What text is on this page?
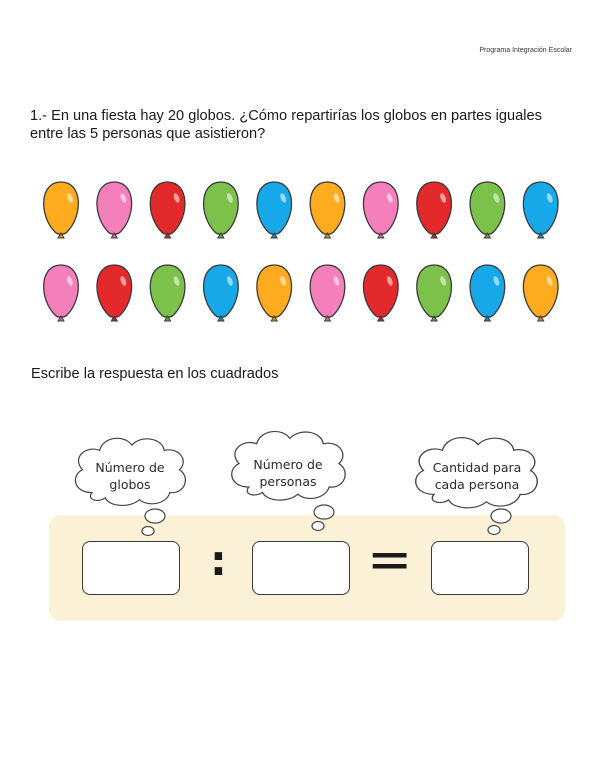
Programa Integración Escolar
1.- En una fiesta hay 20 globos. ¿Cómo repartirías los globos en partes iguales entre las 5 personas que asistieron?
Escribe la respuesta en los cuadrados
Número de
globos
Número de
personas
Cantidad para
cada persona
:	=
